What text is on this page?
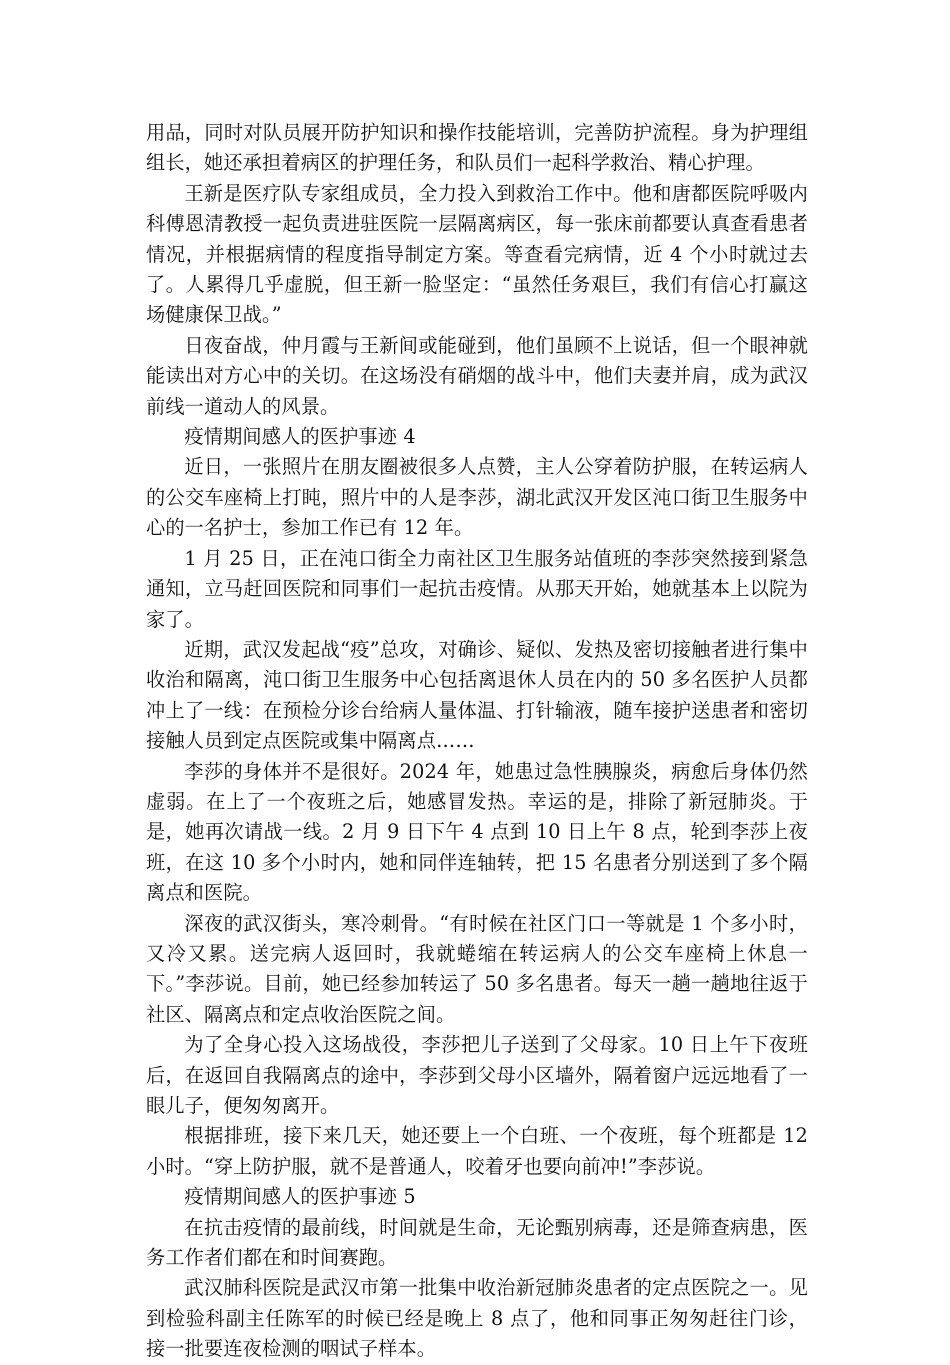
用品，同时对队员展开防护知识和操作技能培训，完善防护流程。身为护理组组长，她还承担着病区的护理任务，和队员们一起科学救治、精心护理。

王新是医疗队专家组成员，全力投入到救治工作中。他和唐都医院呼吸内科傅恩清教授一起负责进驻医院一层隔离病区，每一张床前都要认真查看患者情况，并根据病情的程度指导制定方案。等查看完病情，近 4 个小时就过去了。人累得几乎虚脱，但王新一脸坚定：“虽然任务艰巨，我们有信心打赢这场健康保卫战。”

日夜奋战，仲月霞与王新间或能碰到，他们虽顾不上说话，但一个眼神就能读出对方心中的关切。在这场没有硝烟的战斗中，他们夫妻并肩，成为武汉前线一道动人的风景。

疫情期间感人的医护事迹 4

近日，一张照片在朋友圈被很多人点赞，主人公穿着防护服，在转运病人的公交车座椅上打盹，照片中的人是李莎，湖北武汉开发区沌口街卫生服务中心的一名护士，参加工作已有 12 年。

1 月 25 日，正在沌口街全力南社区卫生服务站值班的李莎突然接到紧急通知，立马赶回医院和同事们一起抗击疫情。从那天开始，她就基本上以院为家了。

近期，武汉发起战“疫”总攻，对确诊、疑似、发热及密切接触者进行集中收治和隔离，沌口街卫生服务中心包括离退休人员在内的 50 多名医护人员都冲上了一线：在预检分诊台给病人量体温、打针输液，随车接护送患者和密切接触人员到定点医院或集中隔离点……

李莎的身体并不是很好。2024 年，她患过急性胰腺炎，病愈后身体仍然虚弱。在上了一个夜班之后，她感冒发热。幸运的是，排除了新冠肺炎。于是，她再次请战一线。2 月 9 日下午 4 点到 10 日上午 8 点，轮到李莎上夜班，在这 10 多个小时内，她和同伴连轴转，把 15 名患者分别送到了多个隔离点和医院。

深夜的武汉街头，寒冷刺骨。“有时候在社区门口一等就是 1 个多小时，又冷又累。送完病人返回时，我就蜷缩在转运病人的公交车座椅上休息一下。”李莎说。目前，她已经参加转运了 50 多名患者。每天一趟一趟地往返于社区、隔离点和定点收治医院之间。

为了全身心投入这场战役，李莎把儿子送到了父母家。10 日上午下夜班后，在返回自我隔离点的途中，李莎到父母小区墙外，隔着窗户远远地看了一眼儿子，便匆匆离开。

根据排班，接下来几天，她还要上一个白班、一个夜班，每个班都是 12 小时。“穿上防护服，就不是普通人，咬着牙也要向前冲!”李莎说。

疫情期间感人的医护事迹 5

在抗击疫情的最前线，时间就是生命，无论甄别病毒，还是筛查病患，医务工作者们都在和时间赛跑。

武汉肺科医院是武汉市第一批集中收治新冠肺炎患者的定点医院之一。见到检验科副主任陈军的时候已经是晚上 8 点了，他和同事正匆匆赶往门诊，接一批要连夜检测的咽试子样本。
